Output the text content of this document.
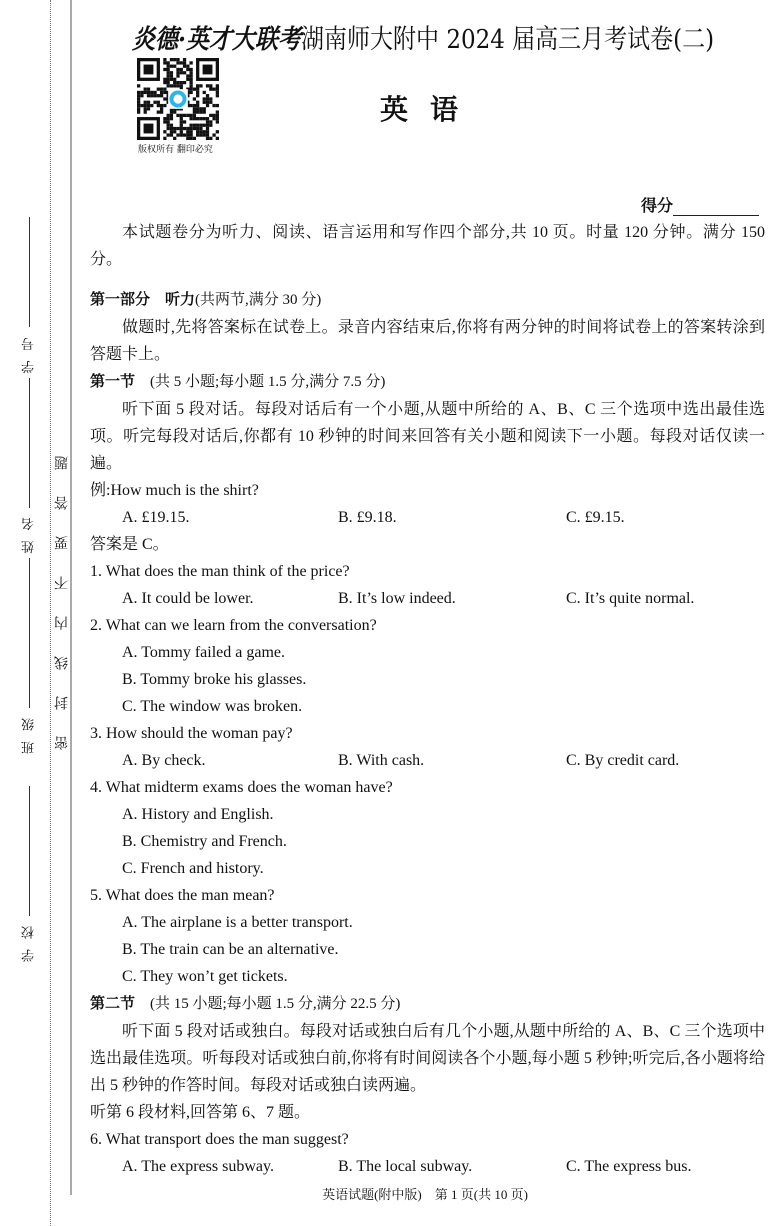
学校  班级 姓名 学号
密封线内不要答题
炎德·英才大联考湖南师大附中 2024 届高三月考试卷(二)
版权所有 翻印必究
英语
得分
本试题卷分为听力、阅读、语言运用和写作四个部分,共 10 页。时量 120 分钟。满分 150 分。
第一部分　听力(共两节,满分 30 分)
做题时,先将答案标在试卷上。录音内容结束后,你将有两分钟的时间将试卷上的答案转涂到答题卡上。
第一节　(共 5 小题;每小题 1.5 分,满分 7.5 分)
听下面 5 段对话。每段对话后有一个小题,从题中所给的 A、B、C 三个选项中选出最佳选项。听完每段对话后,你都有 10 秒钟的时间来回答有关小题和阅读下一小题。每段对话仅读一遍。
例:How much is the shirt?
A. £19.15.	B. £9.18.	C. £9.15.
答案是 C。
1. What does the man think of the price?
A. It could be lower.	B. It’s low indeed.	C. It’s quite normal.
2. What can we learn from the conversation?
A. Tommy failed a game.
B. Tommy broke his glasses.
C. The window was broken.
3. How should the woman pay?
A. By check.	B. With cash.	C. By credit card.
4. What midterm exams does the woman have?
A. History and English.
B. Chemistry and French.
C. French and history.
5. What does the man mean?
A. The airplane is a better transport.
B. The train can be an alternative.
C. They won’t get tickets.
第二节　(共 15 小题;每小题 1.5 分,满分 22.5 分)
听下面 5 段对话或独白。每段对话或独白后有几个小题,从题中所给的 A、B、C 三个选项中选出最佳选项。听每段对话或独白前,你将有时间阅读各个小题,每小题 5 秒钟;听完后,各小题将给出 5 秒钟的作答时间。每段对话或独白读两遍。
听第 6 段材料,回答第 6、7 题。
6. What transport does the man suggest?
A. The express subway.	B. The local subway.	C. The express bus.
英语试题(附中版)　第 1 页(共 10 页)
